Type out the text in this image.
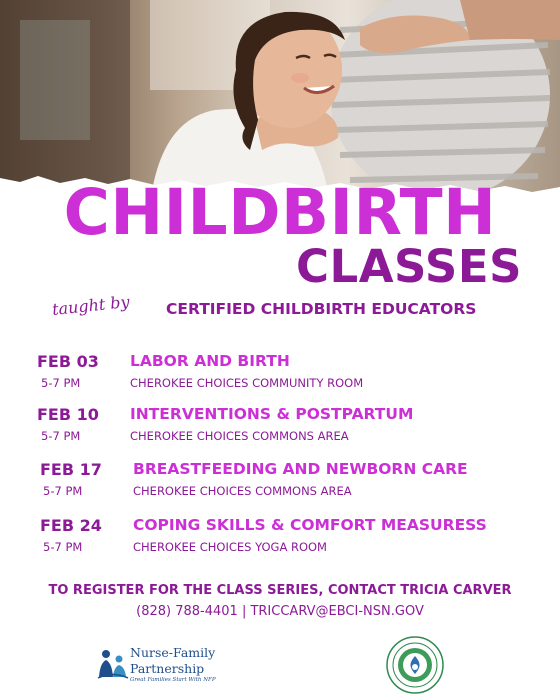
CHILDBIRTH
CLASSES
taught by CERTIFIED CHILDBIRTH EDUCATORS
FEB 03
5-7 PM
LABOR AND BIRTH
CHEROKEE CHOICES COMMUNITY ROOM
FEB 10
5-7 PM
INTERVENTIONS & POSTPARTUM
CHEROKEE CHOICES COMMONS AREA
FEB 17
5-7 PM
BREASTFEEDING AND NEWBORN CARE
CHEROKEE CHOICES COMMONS AREA
FEB 24
5-7 PM
COPING SKILLS & COMFORT MEASURESS
CHEROKEE CHOICES YOGA ROOM
TO REGISTER FOR THE CLASS SERIES, CONTACT TRICIA CARVER
(828) 788-4401 | TRICCARV@EBCI-NSN.GOV
Nurse-Family
Partnership
Great Families Start With NFP
